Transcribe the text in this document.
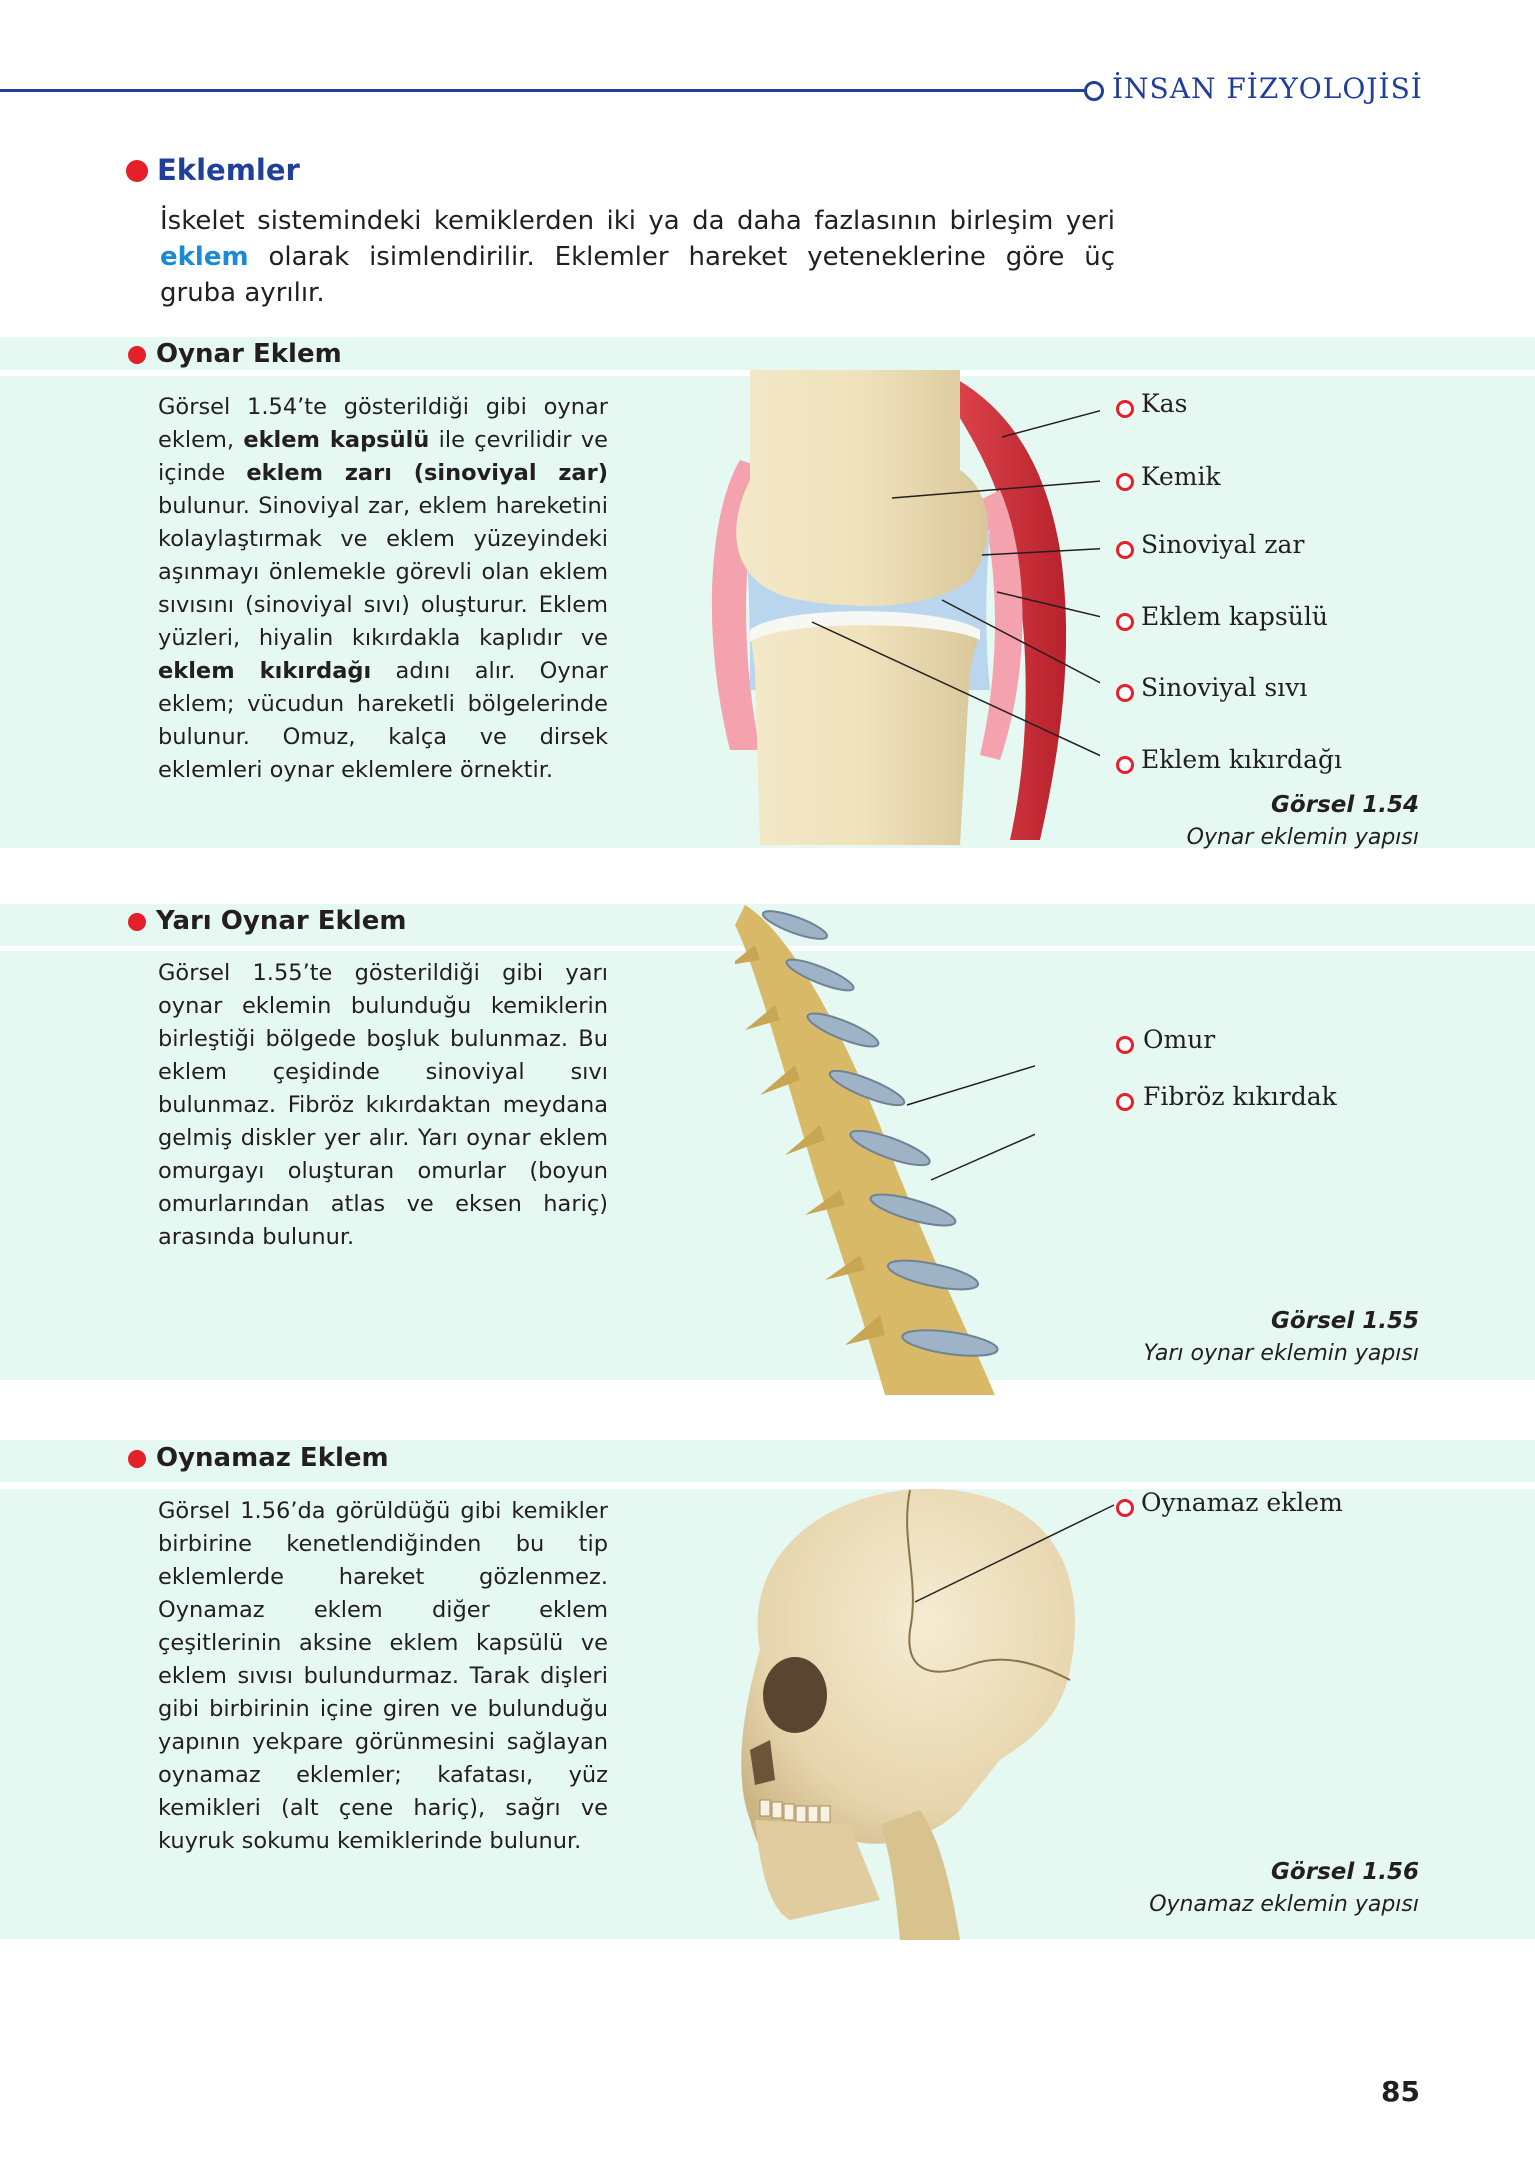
İNSAN FİZYOLOJİSİ
Eklemler
İskelet sistemindeki kemiklerden iki ya da daha fazlasının birleşim yeri eklem olarak isimlendirilir. Eklemler hareket yeteneklerine göre üç gruba ayrılır.
Oynar Eklem
Görsel 1.54’te gösterildiği gibi oynar eklem, eklem kapsülü ile çevrilidir ve içinde eklem zarı (sinoviyal zar) bulunur. Sinoviyal zar, eklem hareketini kolaylaştırmak ve eklem yüzeyindeki aşınmayı önlemekle görevli olan eklem sıvısını (sinoviyal sıvı) oluşturur. Eklem yüzleri, hiyalin kıkırdakla kaplıdır ve eklem kıkırdağı adını alır. Oynar eklem; vücudun hareketli bölgelerinde bulunur. Omuz, kalça ve dirsek eklemleri oynar eklemlere örnektir.
Kas
Kemik
Sinoviyal zar
Eklem kapsülü
Sinoviyal sıvı
Eklem kıkırdağı
Görsel 1.54
Oynar eklemin yapısı
Yarı Oynar Eklem
Görsel 1.55’te gösterildiği gibi yarı oynar eklemin bulunduğu kemiklerin birleştiği bölgede boşluk bulunmaz. Bu eklem çeşidinde sinoviyal sıvı bulunmaz. Fibröz kıkırdaktan meydana gelmiş diskler yer alır. Yarı oynar eklem omurgayı oluşturan omurlar (boyun omurlarından atlas ve eksen hariç) arasında bulunur.
Omur
Fibröz kıkırdak
Görsel 1.55
Yarı oynar eklemin yapısı
Oynamaz Eklem
Görsel 1.56’da görüldüğü gibi kemikler birbirine kenetlendiğinden bu tip eklemlerde hareket gözlenmez. Oynamaz eklem diğer eklem çeşitlerinin aksine eklem kapsülü ve eklem sıvısı bulundurmaz. Tarak dişleri gibi birbirinin içine giren ve bulunduğu yapının yekpare görünmesini sağlayan oynamaz eklemler; kafatası, yüz kemikleri (alt çene hariç), sağrı ve kuyruk sokumu kemiklerinde bulunur.
Oynamaz eklem
Görsel 1.56
Oynamaz eklemin yapısı
85
